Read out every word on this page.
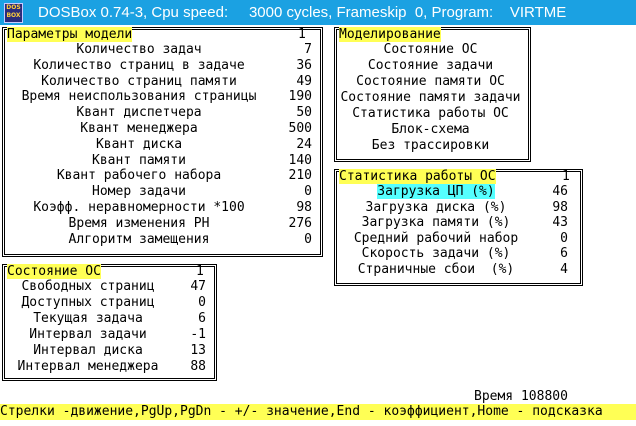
DOS BOX DOSBox 0.74-3, Cpu speed:     3000 cycles, Frameskip  0, Program:    VIRTME
Параметры модели	1
Количество задач	7
Количество страниц в задаче	36
Количество страниц памяти	49
Время неиспользования страницы	190
Квант диспетчера	50
Квант менеджера	500
Квант диска	24
Квант памяти	140
Квант рабочего набора	210
Номер задачи	0
Коэфф. неравномерности *100	98
Время изменения РН	276
Алгоритм замещения	0
Моделирование
Состояние ОС
Состояние задачи
Состояние памяти ОС
Состояние памяти задачи
Статистика работы ОС
Блок-схема
Без трассировки
Статистика работы ОС	1
Загрузка ЦП (%)	46
Загрузка диска (%)	98
Загрузка памяти (%)	43
Средний рабочий набор	0
Скорость задачи (%)	6
Страничные сбои  (%)	4
Состояние ОС	1
Свободных страниц	47
Доступных страниц	0
Текущая задача	6
Интервал задачи	-1
Интервал диска	13
Интервал менеджера	88
Время 108800
Стрелки -движение,PgUp,PgDn - +/- значение,End - коэффициент,Home - подсказка
